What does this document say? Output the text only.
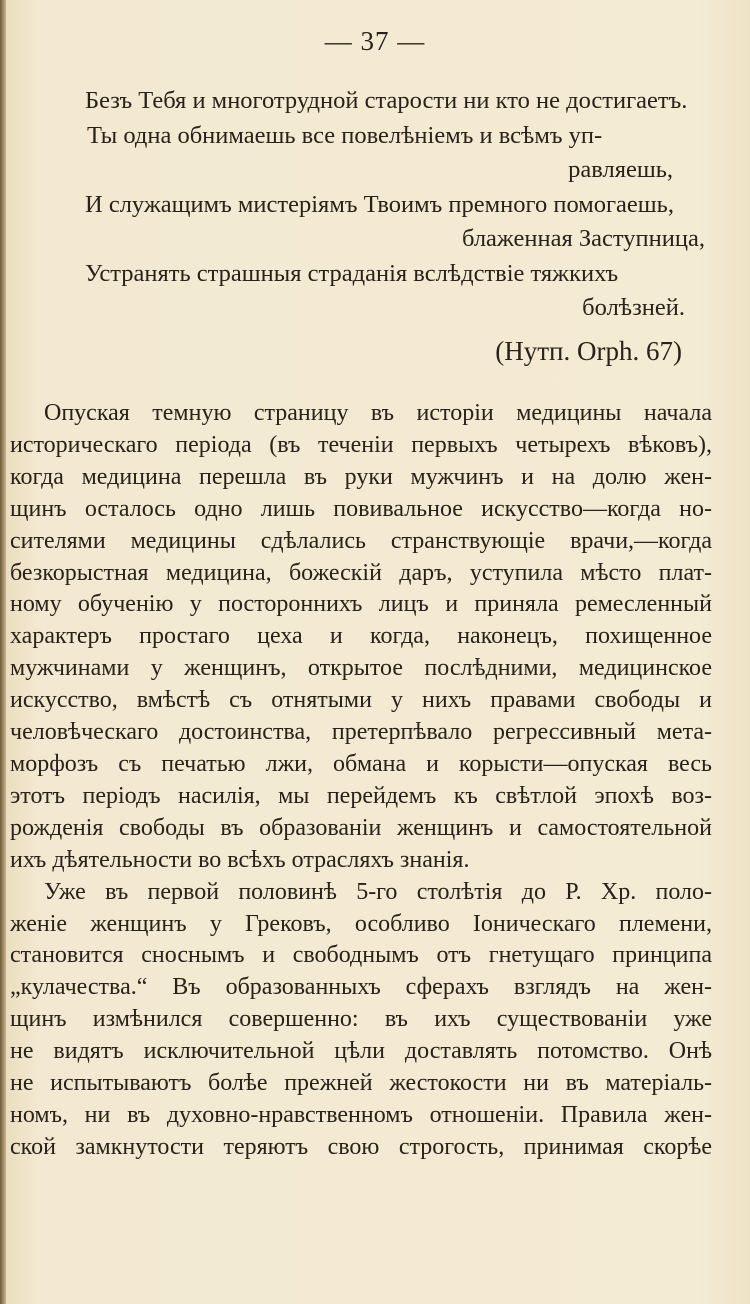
— 37 —
Безъ Тебя и многотрудной старости ни кто не достигаетъ.
Ты одна обнимаешь все повелѣніемъ и всѣмъ уп-
равляешь,
И служащимъ мистеріямъ Твоимъ премного помогаешь,
блаженная Заступница,
Устранять страшныя страданія вслѣдствіе тяжкихъ
болѣзней.
(Нутп. Оrph. 67)
Опуская темную страницу въ исторіи медицины начала
историческаго періода (въ теченіи первыхъ четырехъ вѣковъ),
когда медицина перешла въ руки мужчинъ и на долю жен-
щинъ осталось одно лишь повивальное искусство—когда но-
сителями медицины сдѣлались странствующіе врачи,—когда
безкорыстная медицина, божескій даръ, уступила мѣсто плат-
ному обученію у постороннихъ лицъ и приняла ремесленный
характеръ простаго цеха и когда, наконецъ, похищенное
мужчинами у женщинъ, открытое послѣдними, медицинское
искусство, вмѣстѣ съ отнятыми у нихъ правами свободы и
человѣческаго достоинства, претерпѣвало регрессивный мета-
морфозъ съ печатью лжи, обмана и корысти—опуская весь
этотъ періодъ насилія, мы перейдемъ къ свѣтлой эпохѣ воз-
рожденія свободы въ образованіи женщинъ и самостоятельной
ихъ дѣятельности во всѣхъ отрасляхъ знанія.
Уже въ первой половинѣ 5-го столѣтія до Р. Хр. поло-
женіе женщинъ у Грековъ, особливо Іоническаго племени,
становится сноснымъ и свободнымъ отъ гнетущаго принципа
„кулачества.“ Въ образованныхъ сферахъ взглядъ на жен-
щинъ измѣнился совершенно: въ ихъ существованіи уже
не видятъ исключительной цѣли доставлять потомство. Онѣ
не испытываютъ болѣе прежней жестокости ни въ матеріаль-
номъ, ни въ духовно-нравственномъ отношеніи. Правила жен-
ской замкнутости теряютъ свою строгость, принимая скорѣе
